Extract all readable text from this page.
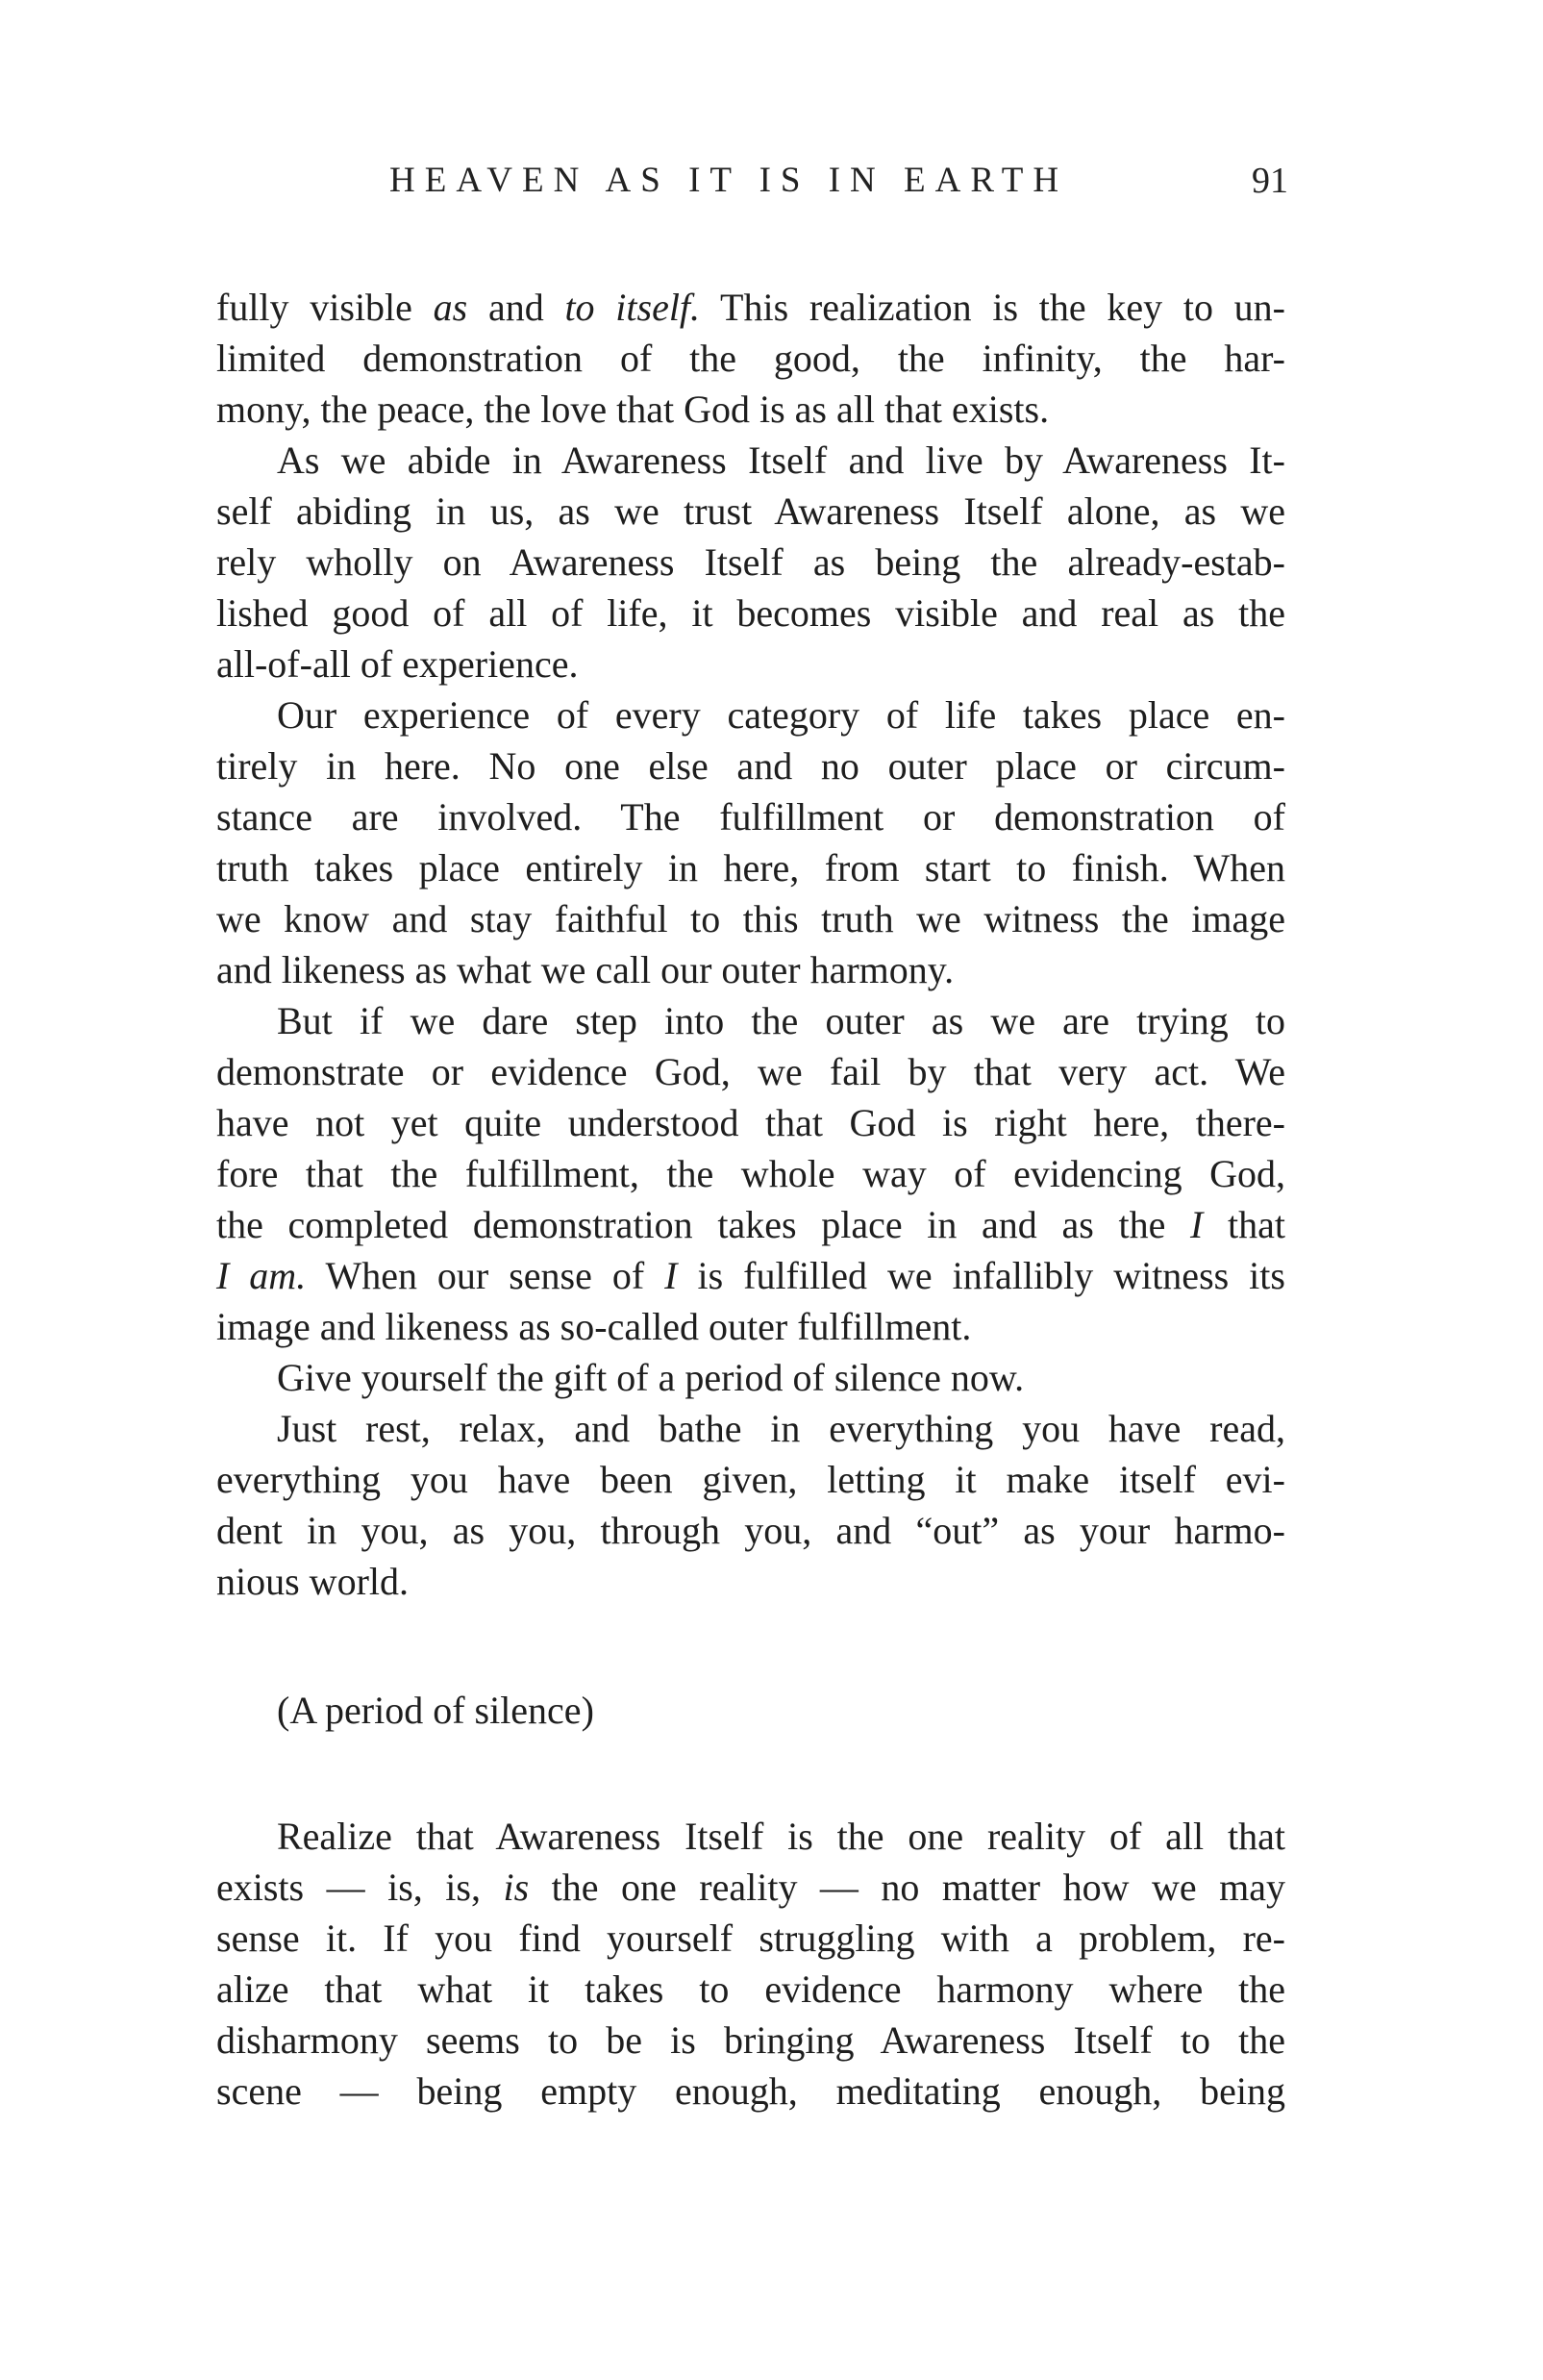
HEAVEN AS IT IS IN EARTH	91
fully visible as and to itself. This realization is the key to un-
limited demonstration of the good, the infinity, the har-
mony, the peace, the love that God is as all that exists.
As we abide in Awareness Itself and live by Awareness It-
self abiding in us, as we trust Awareness Itself alone, as we
rely wholly on Awareness Itself as being the already-estab-
lished good of all of life, it becomes visible and real as the
all-of-all of experience.
Our experience of every category of life takes place en-
tirely in here. No one else and no outer place or circum-
stance are involved. The fulfillment or demonstration of
truth takes place entirely in here, from start to finish. When
we know and stay faithful to this truth we witness the image
and likeness as what we call our outer harmony.
But if we dare step into the outer as we are trying to
demonstrate or evidence God, we fail by that very act. We
have not yet quite understood that God is right here, there-
fore that the fulfillment, the whole way of evidencing God,
the completed demonstration takes place in and as the I that
I am. When our sense of I is fulfilled we infallibly witness its
image and likeness as so-called outer fulfillment.
Give yourself the gift of a period of silence now.
Just rest, relax, and bathe in everything you have read,
everything you have been given, letting it make itself evi-
dent in you, as you, through you, and “out” as your harmo-
nious world.
(A period of silence)
Realize that Awareness Itself is the one reality of all that
exists — is, is, is the one reality — no matter how we may
sense it. If you find yourself struggling with a problem, re-
alize that what it takes to evidence harmony where the
disharmony seems to be is bringing Awareness Itself to the
scene — being empty enough, meditating enough, being
